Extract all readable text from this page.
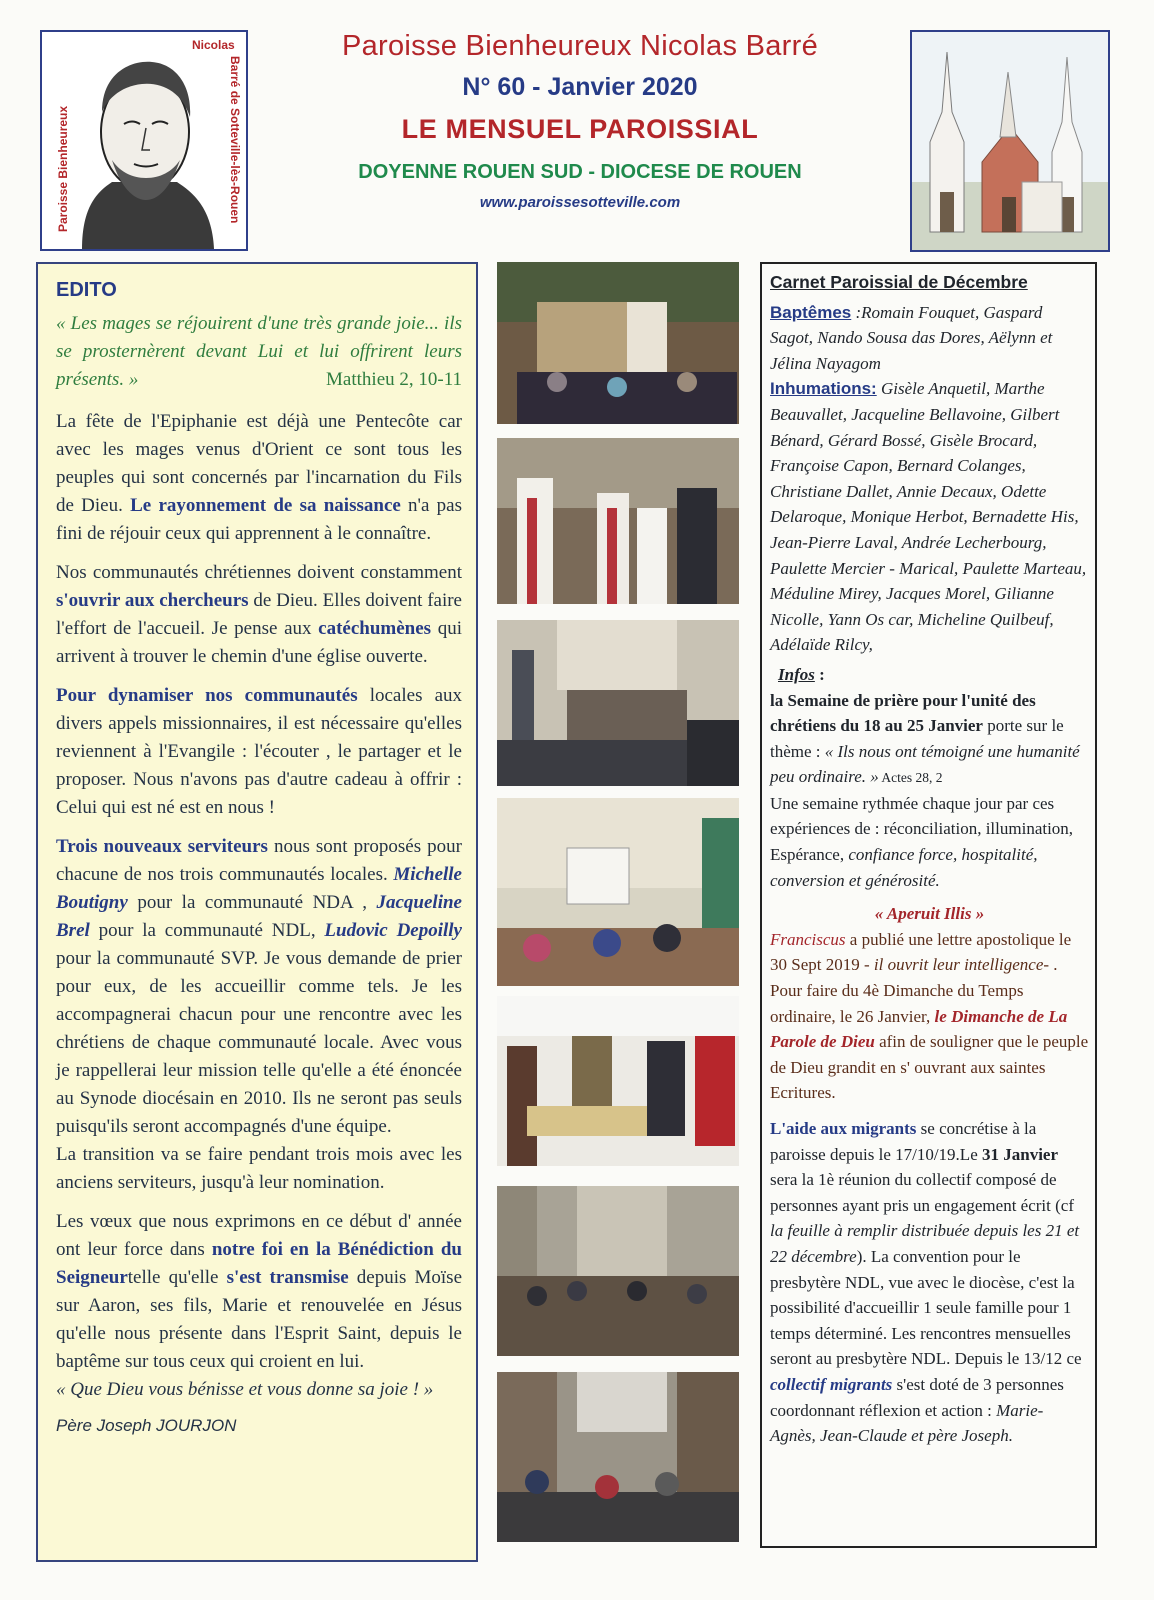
Paroisse Bienheureux
Nicolas
Barré de Sotteville-lès-Rouen
Paroisse Bienheureux Nicolas Barré
N° 60 - Janvier 2020
LE MENSUEL PAROISSIAL
DOYENNE ROUEN SUD - DIOCESE DE ROUEN
www.paroissesotteville.com
EDITO

« Les mages se réjouirent d'une très grande joie... ils se prosternèrent devant Lui et lui offrirent leurs présents. »	Matthieu 2, 10-11

La fête de l'Epiphanie est déjà une Pentecôte car avec les mages venus d'Orient ce sont tous les peuples qui sont concernés par l'incarnation du Fils de Dieu. Le rayonnement de sa naissance n'a pas fini de réjouir ceux qui apprennent à le connaître.

Nos communautés chrétiennes doivent constamment s'ouvrir aux chercheurs de Dieu. Elles doivent faire l'effort de l'accueil. Je pense aux catéchumènes qui arrivent à trouver le chemin d'une église ouverte.

Pour dynamiser nos communautés locales aux divers appels missionnaires, il est nécessaire qu'elles reviennent à l'Evangile : l'écouter , le partager et le proposer. Nous n'avons pas d'autre cadeau à offrir : Celui qui est né est en nous !

Trois nouveaux serviteurs nous sont proposés pour chacune de nos trois communautés locales. Michelle Boutigny pour la communauté NDA , Jacqueline Brel pour la communauté NDL, Ludovic Depoilly pour la communauté SVP. Je vous demande de prier pour eux, de les accueillir comme tels. Je les accompagnerai chacun pour une rencontre avec les chrétiens de chaque communauté locale. Avec vous je rappellerai leur mission telle qu'elle a été énoncée au Synode diocésain en 2010. Ils ne seront pas seuls puisqu'ils seront accompagnés d'une équipe.

La transition va se faire pendant trois mois avec les anciens serviteurs, jusqu'à leur nomination.

Les vœux que nous exprimons en ce début d' année ont leur force dans notre foi en la Bénédiction du Seigneurtelle qu'elle s'est transmise depuis Moïse sur Aaron, ses fils, Marie et renouvelée en Jésus qu'elle nous présente dans l'Esprit Saint, depuis le baptême sur tous ceux qui croient en lui.

« Que Dieu vous bénisse et vous donne sa joie ! »

Père Joseph JOURJON

Carnet Paroissial de Décembre

Baptêmes :Romain Fouquet, Gaspard Sagot, Nando Sousa das Dores, Aëlynn et Jélina Nayagom

Inhumations: Gisèle Anquetil, Marthe Beauvallet, Jacqueline Bellavoine, Gilbert Bénard, Gérard Bossé, Gisèle Brocard, Françoise Capon, Bernard Colanges, Christiane Dallet, Annie Decaux, Odette Delaroque, Monique Herbot, Bernadette His, Jean-Pierre Laval, Andrée Lecherbourg, Paulette Mercier - Marical, Paulette Marteau, Méduline Mirey, Jacques Morel, Gilianne Nicolle, Yann Os car, Micheline Quilbeuf, Adélaïde Rilcy,

Infos :

la Semaine de prière pour l'unité des chrétiens du 18 au 25 Janvier porte sur le thème : « Ils nous ont témoigné une humanité peu ordinaire. » Actes 28, 2

Une semaine rythmée chaque jour par ces expériences de : réconciliation, illumination, Espérance, confiance force, hospitalité, conversion et générosité.

« Aperuit Illis »

Franciscus a publié une lettre apostolique le 30 Sept 2019 - il ouvrit leur intelligence- . Pour faire du 4è Dimanche du Temps ordinaire, le 26 Janvier, le Dimanche de La Parole de Dieu afin de souligner que le peuple de Dieu grandit en s' ouvrant aux saintes Ecritures.

L'aide aux migrants se concrétise à la paroisse depuis le 17/10/19.Le 31 Janvier sera la 1è réunion du collectif composé de personnes ayant pris un engagement écrit (cf la feuille à remplir distribuée depuis les 21 et 22 décembre). La convention pour le presbytère NDL, vue avec le diocèse, c'est la possibilité d'accueillir 1 seule famille pour 1 temps déterminé. Les rencontres mensuelles seront au presbytère NDL. Depuis le 13/12 ce collectif migrants s'est doté de 3 personnes coordonnant réflexion et action : Marie-Agnès, Jean-Claude et père Joseph.
